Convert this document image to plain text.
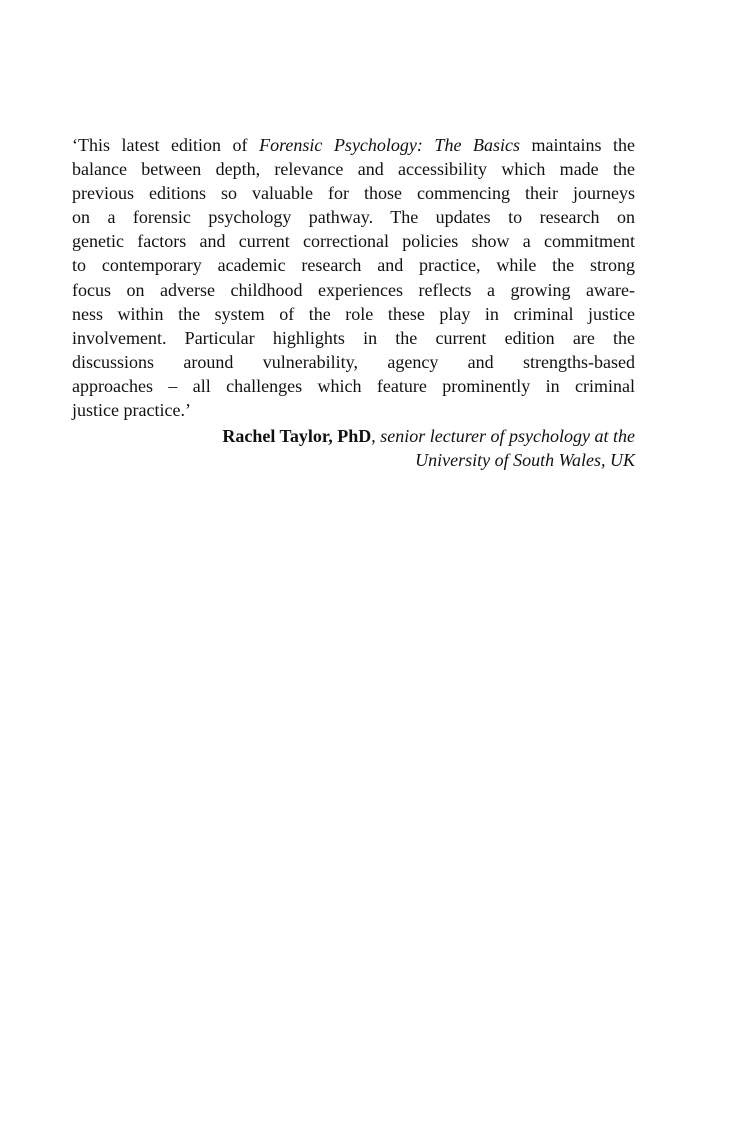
‘This latest edition of Forensic Psychology: The Basics maintains the
balance between depth, relevance and accessibility which made the
previous editions so valuable for those commencing their journeys
on a forensic psychology pathway. The updates to research on
genetic factors and current correctional policies show a commitment
to contemporary academic research and practice, while the strong
focus on adverse childhood experiences reflects a growing aware-
ness within the system of the role these play in criminal justice
involvement. Particular highlights in the current edition are the
discussions around vulnerability, agency and strengths-based
approaches – all challenges which feature prominently in criminal
justice practice.’

Rachel Taylor, PhD, senior lecturer of psychology at the
University of South Wales, UK
